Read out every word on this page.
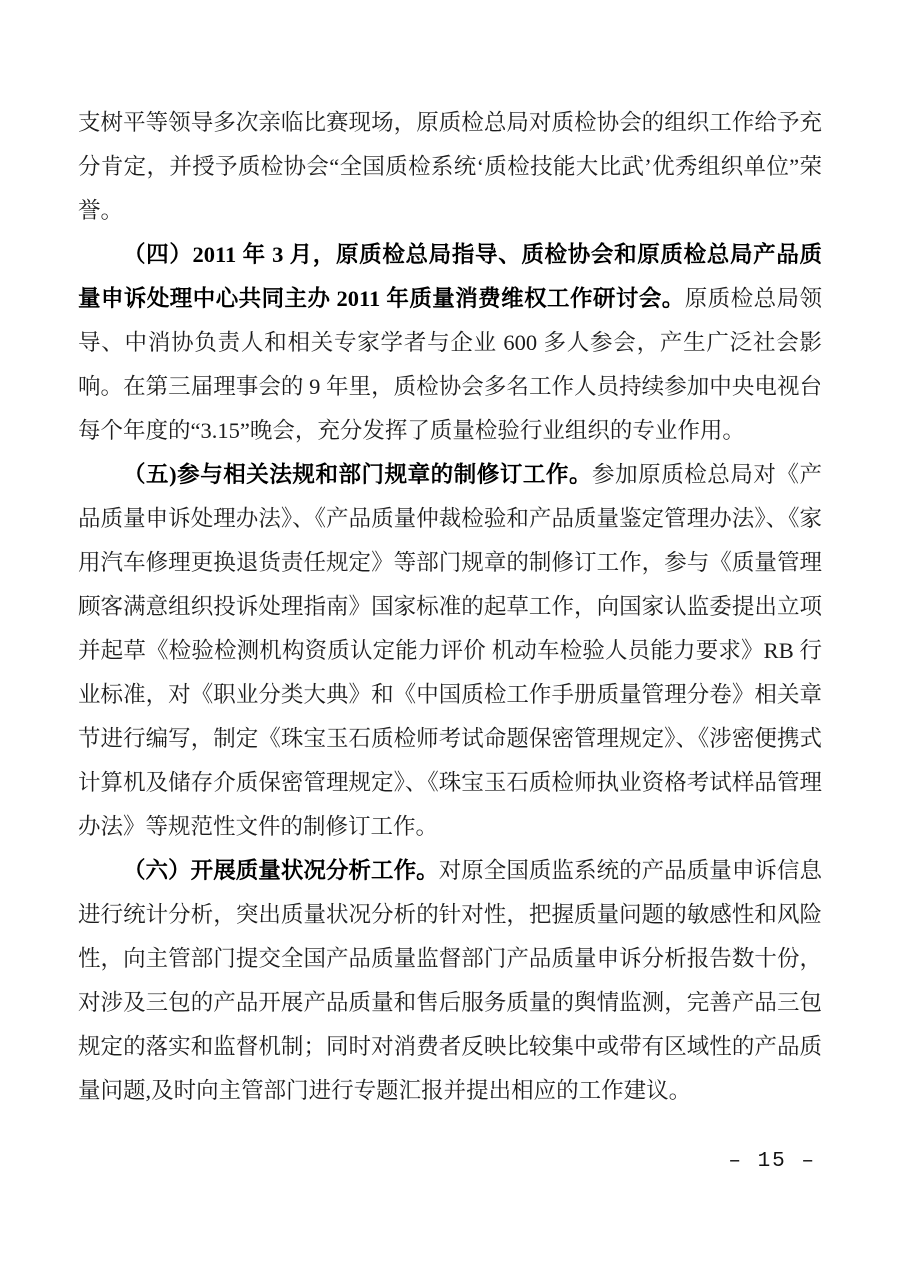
支树平等领导多次亲临比赛现场，原质检总局对质检协会的组织工作给予充分肯定，并授予质检协会“全国质检系统‘质检技能大比武’优秀组织单位”荣誉。

（四）2011 年 3 月，原质检总局指导、质检协会和原质检总局产品质量申诉处理中心共同主办 2011 年质量消费维权工作研讨会。原质检总局领导、中消协负责人和相关专家学者与企业 600 多人参会，产生广泛社会影响。在第三届理事会的 9 年里，质检协会多名工作人员持续参加中央电视台每个年度的“3.15”晚会，充分发挥了质量检验行业组织的专业作用。

（五)参与相关法规和部门规章的制修订工作。参加原质检总局对《产品质量申诉处理办法》、《产品质量仲裁检验和产品质量鉴定管理办法》、《家用汽车修理更换退货责任规定》等部门规章的制修订工作，参与《质量管理 顾客满意组织投诉处理指南》国家标准的起草工作，向国家认监委提出立项并起草《检验检测机构资质认定能力评价 机动车检验人员能力要求》RB 行业标准，对《职业分类大典》和《中国质检工作手册质量管理分卷》相关章节进行编写，制定《珠宝玉石质检师考试命题保密管理规定》、《涉密便携式计算机及储存介质保密管理规定》、《珠宝玉石质检师执业资格考试样品管理办法》等规范性文件的制修订工作。

（六）开展质量状况分析工作。对原全国质监系统的产品质量申诉信息进行统计分析，突出质量状况分析的针对性，把握质量问题的敏感性和风险性，向主管部门提交全国产品质量监督部门产品质量申诉分析报告数十份，对涉及三包的产品开展产品质量和售后服务质量的舆情监测，完善产品三包规定的落实和监督机制；同时对消费者反映比较集中或带有区域性的产品质量问题,及时向主管部门进行专题汇报并提出相应的工作建议。

– 15 –
